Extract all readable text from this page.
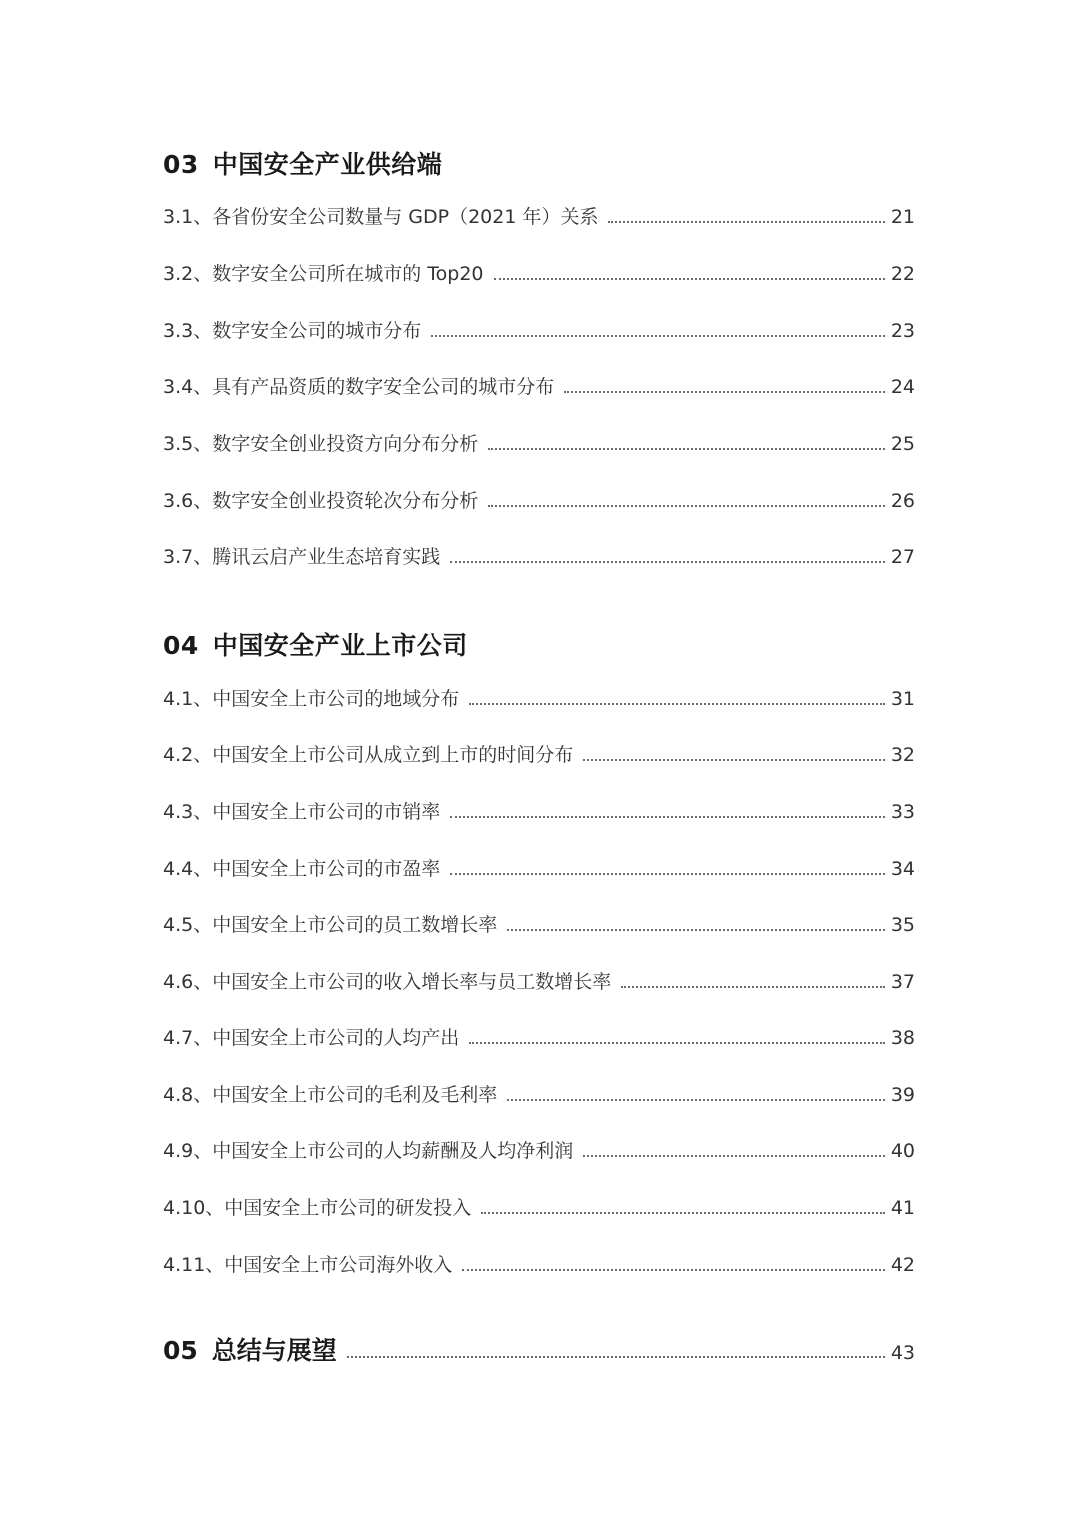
03 中国安全产业供给端
3.1、各省份安全公司数量与 GDP（2021 年）关系	21
3.2、数字安全公司所在城市的 Top20	22
3.3、数字安全公司的城市分布	23
3.4、具有产品资质的数字安全公司的城市分布	24
3.5、数字安全创业投资方向分布分析	25
3.6、数字安全创业投资轮次分布分析	26
3.7、腾讯云启产业生态培育实践	27
04 中国安全产业上市公司
4.1、中国安全上市公司的地域分布	31
4.2、中国安全上市公司从成立到上市的时间分布	32
4.3、中国安全上市公司的市销率	33
4.4、中国安全上市公司的市盈率	34
4.5、中国安全上市公司的员工数增长率	35
4.6、中国安全上市公司的收入增长率与员工数增长率	37
4.7、中国安全上市公司的人均产出	38
4.8、中国安全上市公司的毛利及毛利率	39
4.9、中国安全上市公司的人均薪酬及人均净利润	40
4.10、中国安全上市公司的研发投入	41
4.11、中国安全上市公司海外收入	42
05 总结与展望	43
